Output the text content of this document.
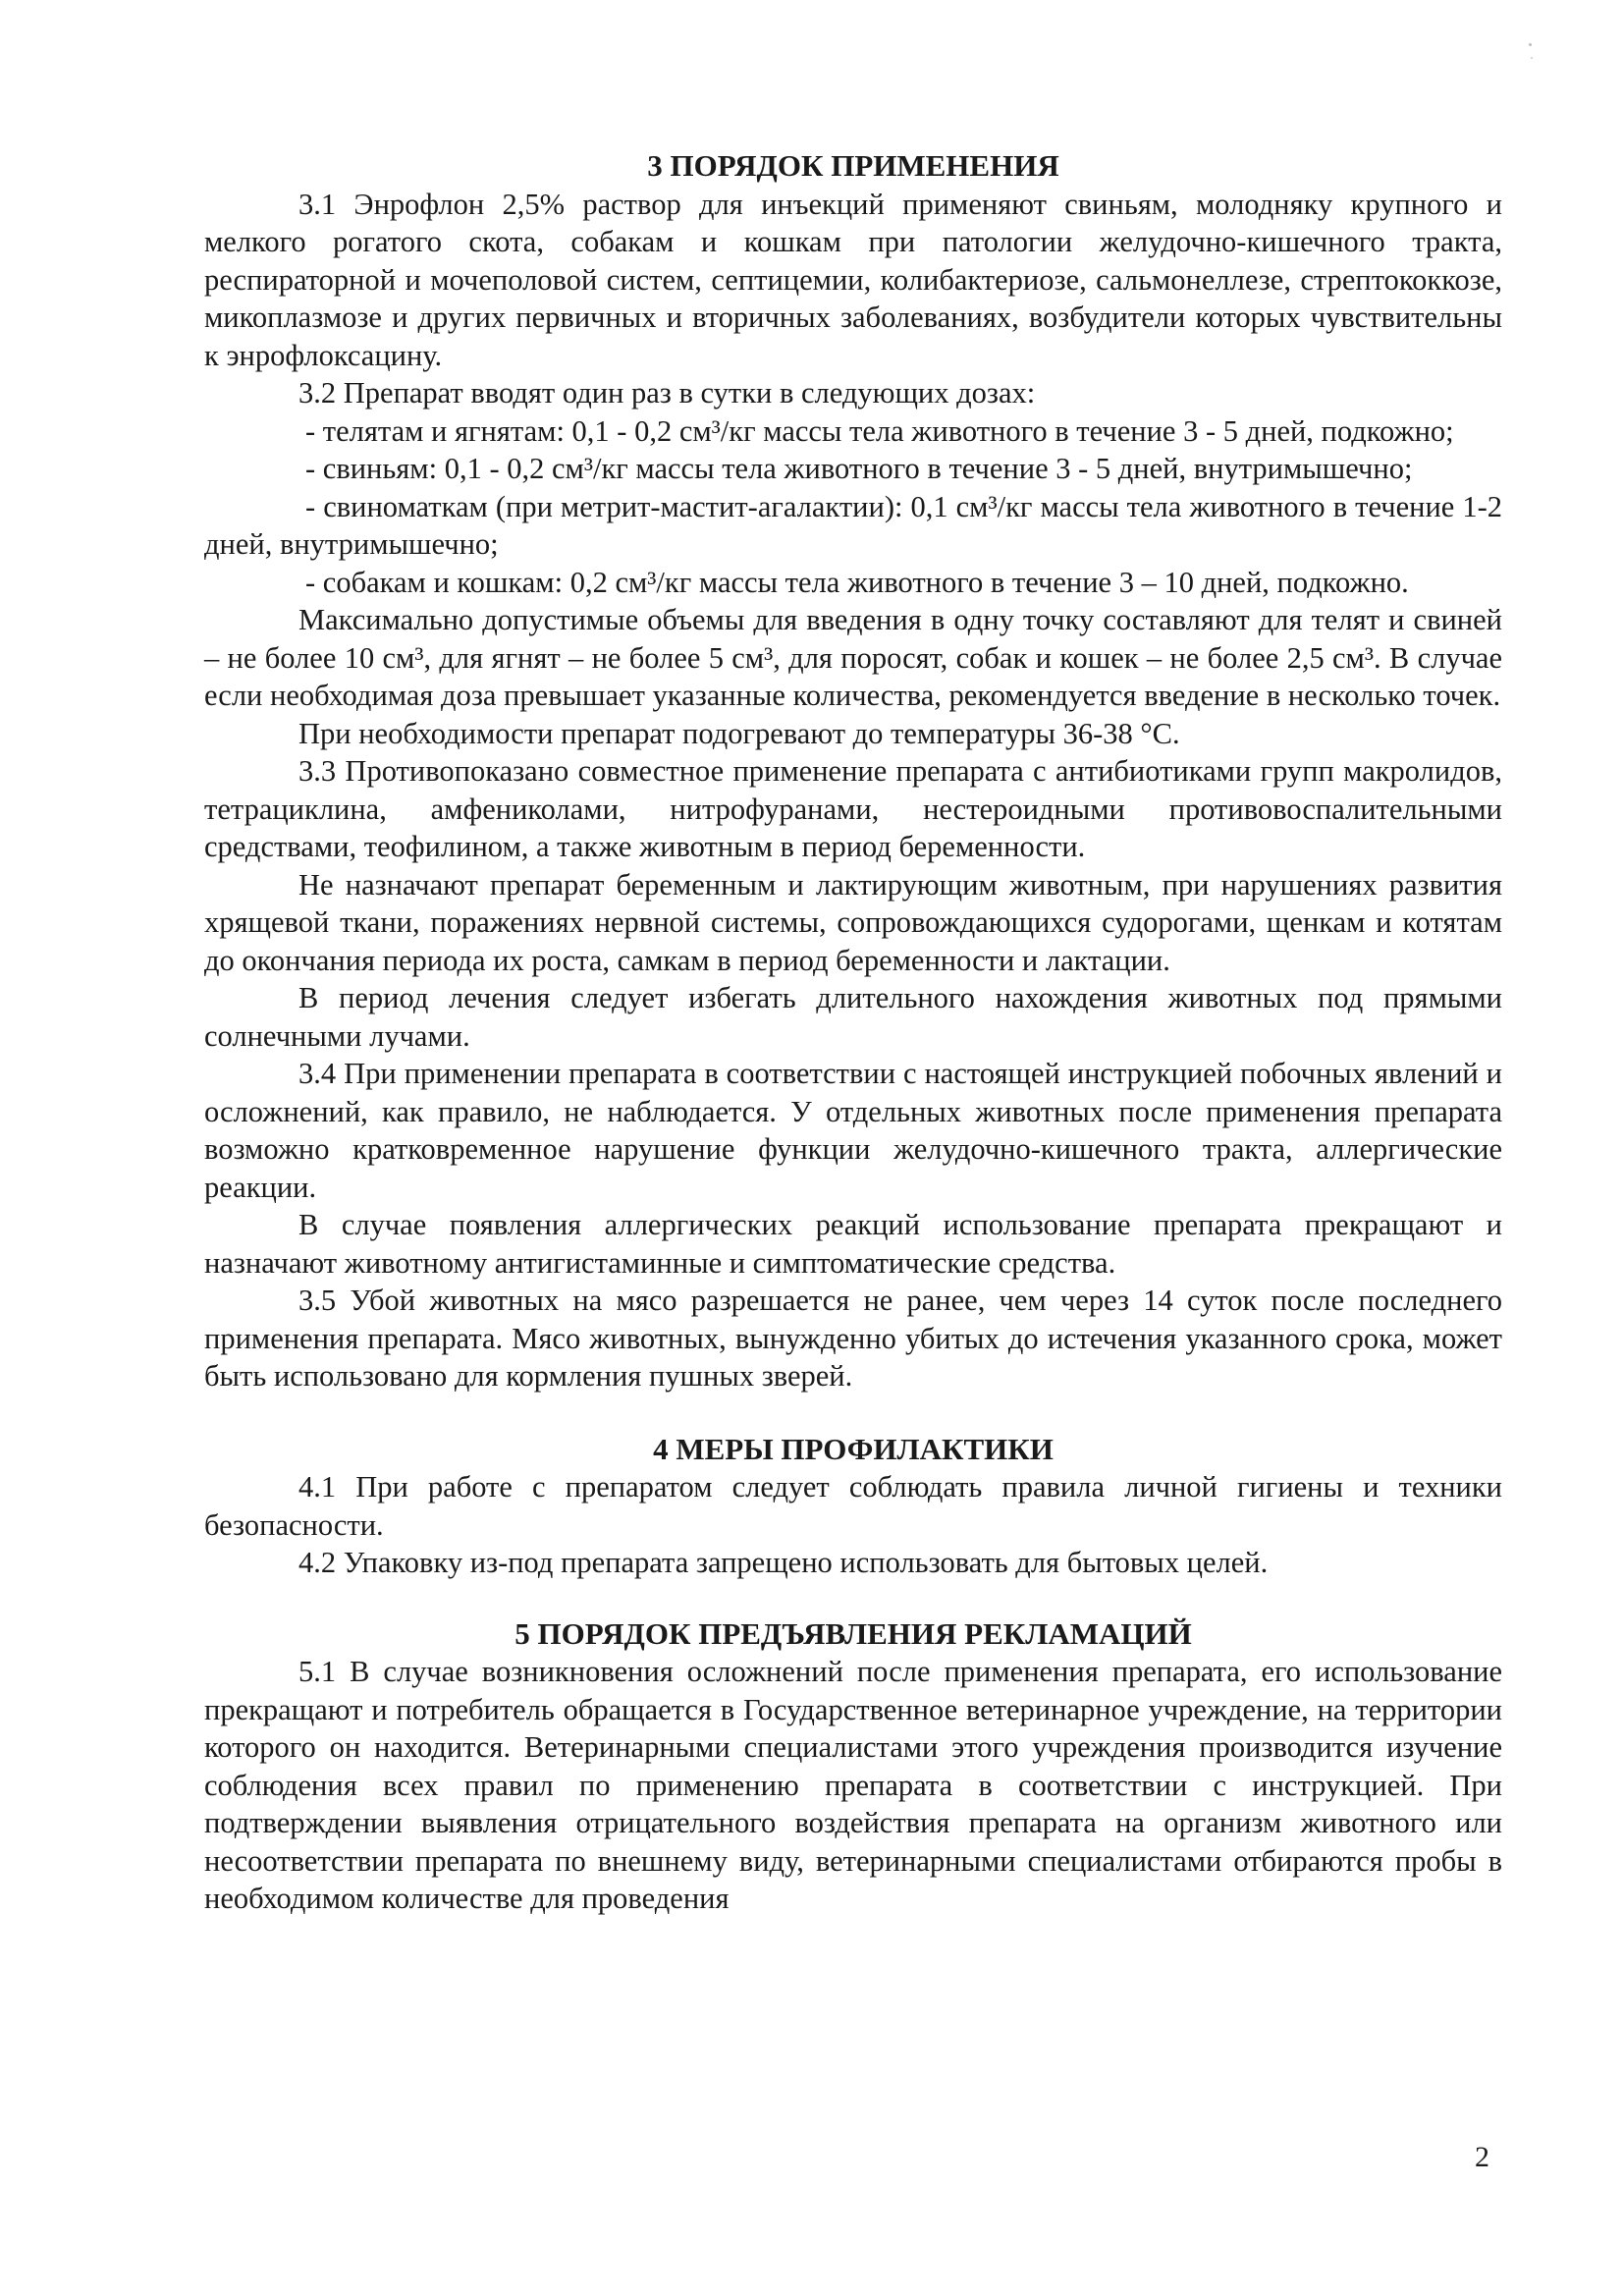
3 ПОРЯДОК ПРИМЕНЕНИЯ

3.1 Энрофлон 2,5% раствор для инъекций применяют свиньям, молодняку крупного и мелкого рогатого скота, собакам и кошкам при патологии желудочно-кишечного тракта, респираторной и мочеполовой систем, септицемии, колибактериозе, сальмонеллезе, стрептококкозе, микоплазмозе и других первичных и вторичных заболеваниях, возбудители которых чувствительны к энрофлоксацину.

3.2 Препарат вводят один раз в сутки в следующих дозах:

- телятам и ягнятам: 0,1 - 0,2 см³/кг массы тела животного в течение 3 - 5 дней, подкожно;

- свиньям: 0,1 - 0,2 см³/кг массы тела животного в течение 3 - 5 дней, внутримышечно;

- свиноматкам (при метрит-мастит-агалактии): 0,1 см³/кг массы тела животного в течение 1-2 дней, внутримышечно;

- собакам и кошкам: 0,2 см³/кг массы тела животного в течение 3 – 10 дней, подкожно.

Максимально допустимые объемы для введения в одну точку составляют для телят и свиней – не более 10 см³, для ягнят – не более 5 см³, для поросят, собак и кошек – не более 2,5 см³. В случае если необходимая доза превышает указанные количества, рекомендуется введение в несколько точек.

При необходимости препарат подогревают до температуры 36-38 °С.

3.3 Противопоказано совместное применение препарата с антибиотиками групп макролидов, тетрациклина, амфениколами, нитрофуранами, нестероидными противовоспалительными средствами, теофилином, а также животным в период беременности.

Не назначают препарат беременным и лактирующим животным, при нарушениях развития хрящевой ткани, поражениях нервной системы, сопровождающихся судорогами, щенкам и котятам до окончания периода их роста, самкам в период беременности и лактации.

В период лечения следует избегать длительного нахождения животных под прямыми солнечными лучами.

3.4 При применении препарата в соответствии с настоящей инструкцией побочных явлений и осложнений, как правило, не наблюдается. У отдельных животных после применения препарата возможно кратковременное нарушение функции желудочно-кишечного тракта, аллергические реакции.

В случае появления аллергических реакций использование препарата прекращают и назначают животному антигистаминные и симптоматические средства.

3.5 Убой животных на мясо разрешается не ранее, чем через 14 суток после последнего применения препарата. Мясо животных, вынужденно убитых до истечения указанного срока, может быть использовано для кормления пушных зверей.

4 МЕРЫ ПРОФИЛАКТИКИ

4.1 При работе с препаратом следует соблюдать правила личной гигиены и техники безопасности.

4.2 Упаковку из-под препарата запрещено использовать для бытовых целей.

5 ПОРЯДОК ПРЕДЪЯВЛЕНИЯ РЕКЛАМАЦИЙ

5.1 В случае возникновения осложнений после применения препарата, его использование прекращают и потребитель обращается в Государственное ветеринарное учреждение, на территории которого он находится. Ветеринарными специалистами этого учреждения производится изучение соблюдения всех правил по применению препарата в соответствии с инструкцией. При подтверждении выявления отрицательного воздействия препарата на организм животного или несоответствии препарата по внешнему виду, ветеринарными специалистами отбираются пробы в необходимом количестве для проведения

2
